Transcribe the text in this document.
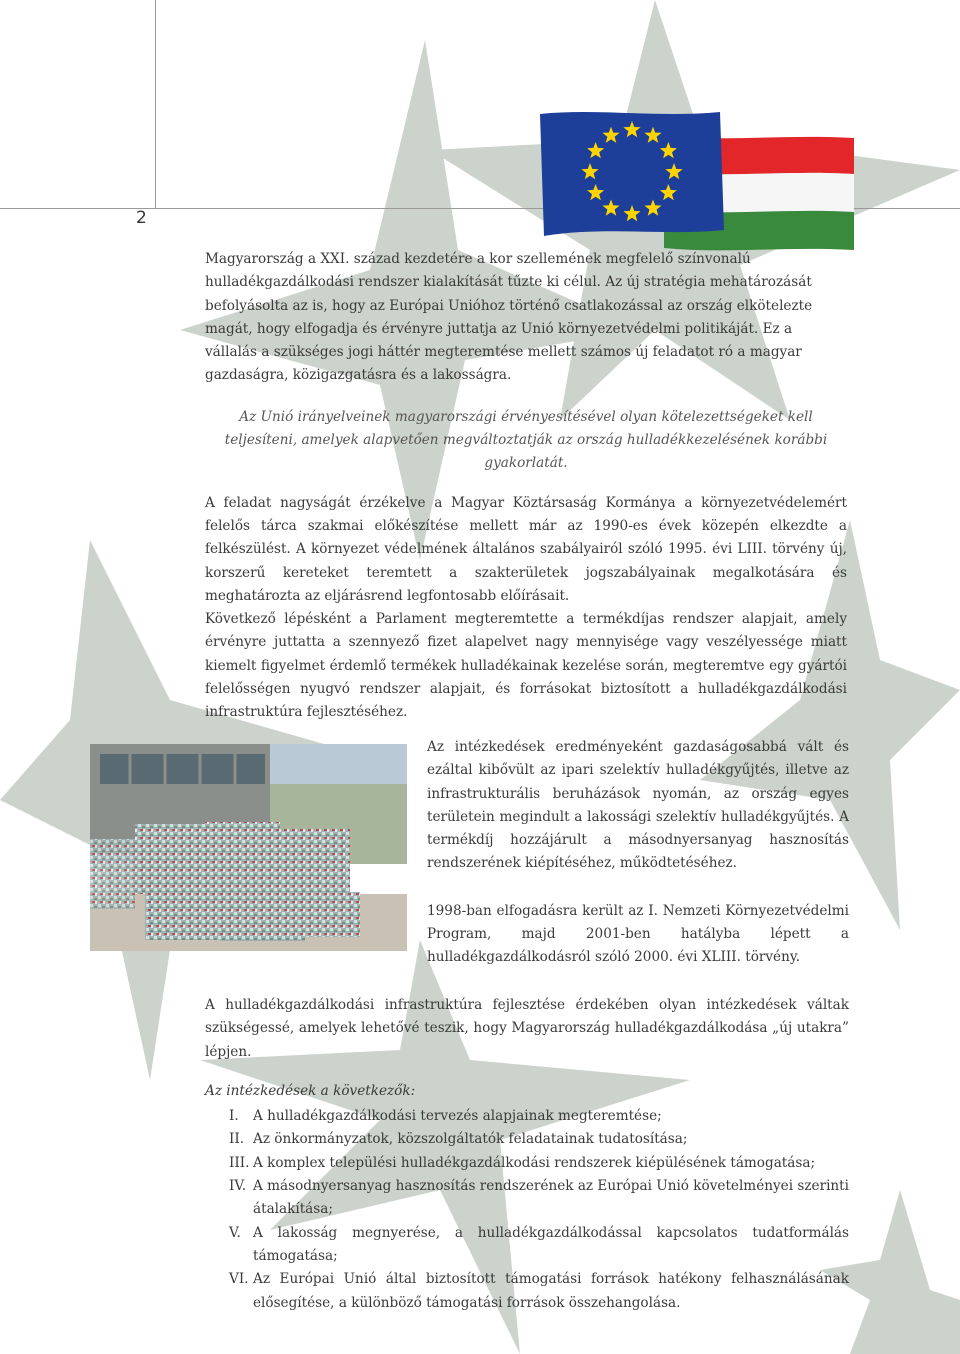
2

Magyarország a XXI. század kezdetére a kor szellemének megfelelő színvonalú hulladékgazdálkodási rendszer kialakítását tűzte ki célul. Az új stratégia mehatározását befolyásolta az is, hogy az Európai Unióhoz történő csatlakozással az ország elkötelezte magát, hogy elfogadja és érvényre juttatja az Unió környezetvédelmi politikáját. Ez a vállalás a szükséges jogi háttér megteremtése mellett számos új feladatot ró a magyar gazdaságra, közigazgatásra és a lakosságra.

Az Unió irányelveinek magyarországi érvényesítésével olyan kötelezettségeket kell teljesíteni, amelyek alapvetően megváltoztatják az ország hulladékkezelésének korábbi gyakorlatát.

A feladat nagyságát érzékelve a Magyar Köztársaság Kormánya a környezetvédelemért felelős tárca szakmai előkészítése mellett már az 1990-es évek közepén elkezdte a felkészülést. A környezet védelmének általános szabályairól szóló 1995. évi LIII. törvény új, korszerű kereteket teremtett a szakterületek jogszabályainak megalkotására és meghatározta az eljárásrend legfontosabb előírásait.

Következő lépésként a Parlament megteremtette a termékdíjas rendszer alapjait, amely érvényre juttatta a szennyező fizet alapelvet nagy mennyisége vagy veszélyessége miatt kiemelt figyelmet érdemlő termékek hulladékainak kezelése során, megteremtve egy gyártói felelősségen nyugvó rendszer alapjait, és forrásokat biztosított a hulladékgazdálkodási infrastruktúra fejlesztéséhez.

Az intézkedések eredményeként gazdaságosabbá vált és ezáltal kibővült az ipari szelektív hulladékgyűjtés, illetve az infrastrukturális beruházások nyomán, az ország egyes területein megindult a lakossági szelektív hulladékgyűjtés. A termékdíj hozzájárult a másodnyersanyag hasznosítás rendszerének kiépítéséhez, működtetéséhez.

1998-ban elfogadásra került az I. Nemzeti Környezetvédelmi Program, majd 2001-ben hatályba lépett a hulladékgazdálkodásról szóló 2000. évi XLIII. törvény.

A hulladékgazdálkodási infrastruktúra fejlesztése érdekében olyan intézkedések váltak szükségessé, amelyek lehetővé teszik, hogy Magyarország hulladékgazdálkodása „új utakra” lépjen.

Az intézkedések a következők:
I.	A hulladékgazdálkodási tervezés alapjainak megteremtése;
II. Az önkormányzatok, közszolgáltatók feladatainak tudatosítása;
III. A komplex települési hulladékgazdálkodási rendszerek kiépülésének támogatása;
IV. A másodnyersanyag hasznosítás rendszerének az Európai Unió követelményei szerinti átalakítása;
V. A lakosság megnyerése, a hulladékgazdálkodással kapcsolatos tudatformálás támogatása;
VI. Az Európai Unió által biztosított támogatási források hatékony felhasználásának elősegítése, a különböző támogatási források összehangolása.
